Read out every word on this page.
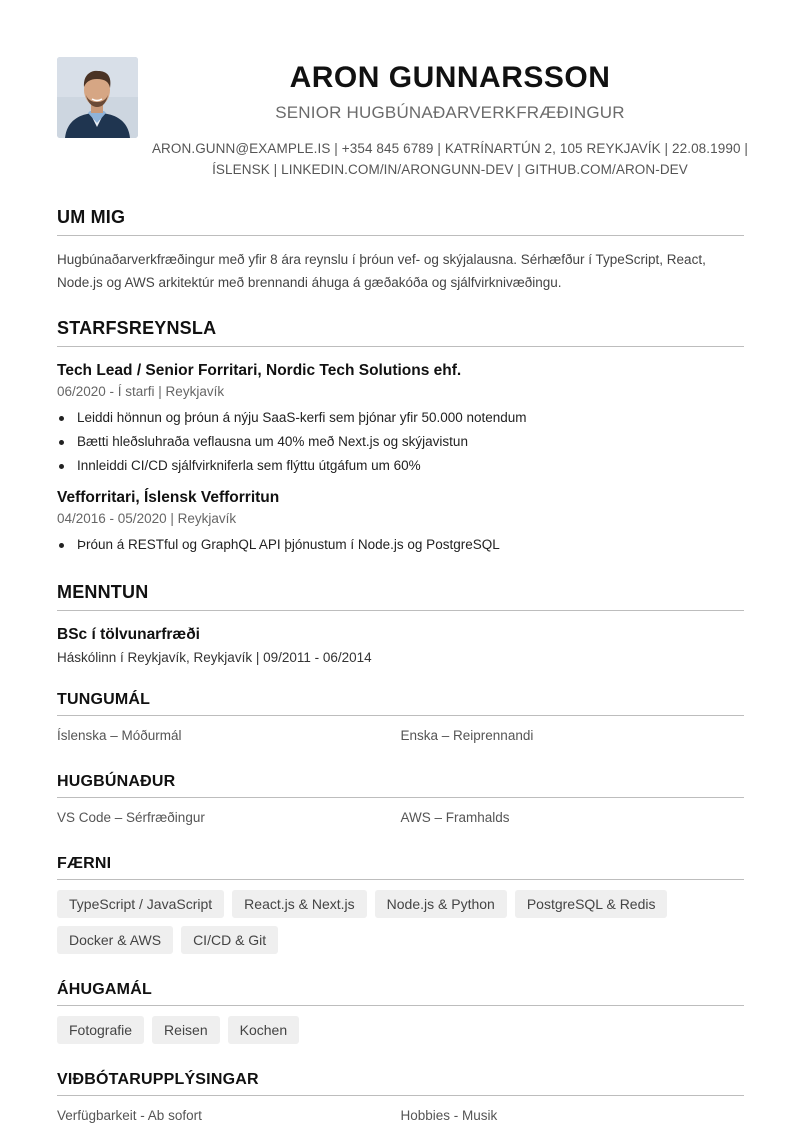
ARON GUNNARSSON
SENIOR HUGBÚNAÐARVERKFRÆÐINGUR
ARON.GUNN@EXAMPLE.IS | +354 845 6789 | KATRÍNARTÚN 2, 105 REYKJAVÍK | 22.08.1990 |
ÍSLENSK | LINKEDIN.COM/IN/ARONGUNN-DEV | GITHUB.COM/ARON-DEV
UM MIG
Hugbúnaðarverkfræðingur með yfir 8 ára reynslu í þróun vef- og skýjalausna. Sérhæfður í TypeScript, React, Node.js og AWS arkitektúr með brennandi áhuga á gæðakóða og sjálfvirknivæðingu.
STARFSREYNSLA
Tech Lead / Senior Forritari, Nordic Tech Solutions ehf.
06/2020 - Í starfi | Reykjavík
Leiddi hönnun og þróun á nýju SaaS-kerfi sem þjónar yfir 50.000 notendum
Bætti hleðsluhraða veflausna um 40% með Next.js og skýjavistun
Innleiddi CI/CD sjálfvirkniferla sem flýttu útgáfum um 60%
Vefforritari, Íslensk Vefforritun
04/2016 - 05/2020 | Reykjavík
Þróun á RESTful og GraphQL API þjónustum í Node.js og PostgreSQL
MENNTUN
BSc í tölvunarfræði
Háskólinn í Reykjavík, Reykjavík | 09/2011 - 06/2014
TUNGUMÁL
Íslenska – Móðurmál	Enska – Reiprennandi
HUGBÚNAÐUR
VS Code – Sérfræðingur	AWS – Framhalds
FÆRNI
TypeScript / JavaScript	React.js & Next.js	Node.js & Python	PostgreSQL & Redis
Docker & AWS	CI/CD & Git
ÁHUGAMÁL
Fotografie	Reisen	Kochen
VIÐBÓTARUPPLÝSINGAR
Verfügbarkeit - Ab sofort	Hobbies - Musik
